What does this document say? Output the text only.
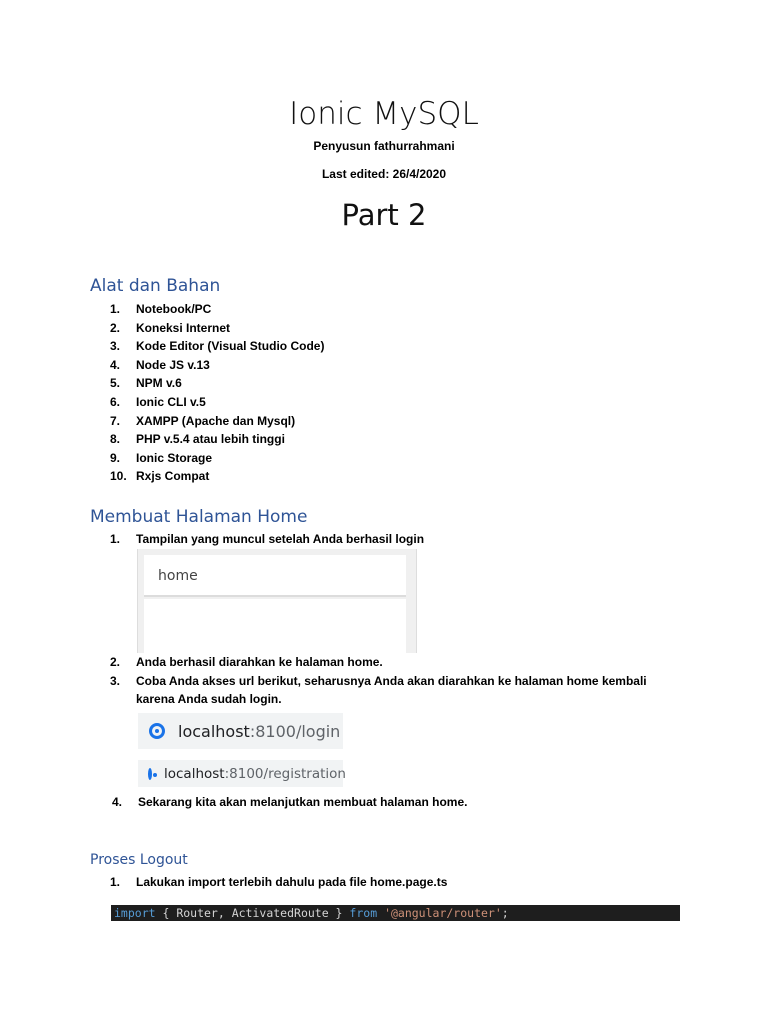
Ionic MySQL
Penyusun fathurrahmani
Last edited: 26/4/2020
Part 2
Alat dan Bahan
1.	Notebook/PC
2.	Koneksi Internet
3.	Kode Editor (Visual Studio Code)
4.	Node JS v.13
5.	NPM v.6
6.	Ionic CLI v.5
7.	XAMPP (Apache dan Mysql)
8.	PHP v.5.4 atau lebih tinggi
9.	Ionic Storage
10. Rxjs Compat
Membuat Halaman Home
1.	Tampilan yang muncul setelah Anda berhasil login
home
2.	Anda berhasil diarahkan ke halaman home.
3.	Coba Anda akses url berikut, seharusnya Anda akan diarahkan ke halaman home kembali karena Anda sudah login.
localhost:8100/login
localhost:8100/registration
4.	Sekarang kita akan melanjutkan membuat halaman home.
Proses Logout
1.	Lakukan import terlebih dahulu pada file home.page.ts
import { Router, ActivatedRoute } from '@angular/router';
